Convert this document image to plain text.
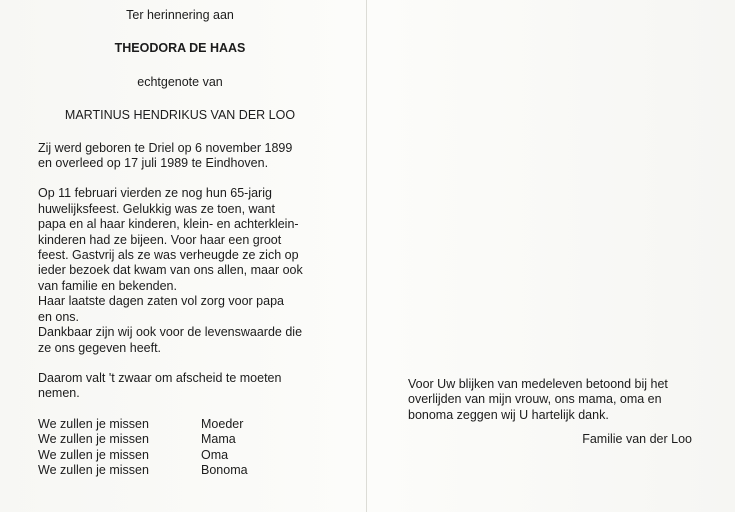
Ter herinnering aan

THEODORA DE HAAS

echtgenote van

MARTINUS HENDRIKUS VAN DER LOO

Zij werd geboren te Driel op 6 november 1899
en overleed op 17 juli 1989 te Eindhoven.
Op 11 februari vierden ze nog hun 65-jarig
huwelijksfeest. Gelukkig was ze toen, want
papa en al haar kinderen, klein- en achterklein-
kinderen had ze bijeen. Voor haar een groot
feest. Gastvrij als ze was verheugde ze zich op
ieder bezoek dat kwam van ons allen, maar ook
van familie en bekenden.
Haar laatste dagen zaten vol zorg voor papa
en ons.
Dankbaar zijn wij ook voor de levenswaarde die
ze ons gegeven heeft.
Daarom valt 't zwaar om afscheid te moeten
nemen.
We zullen je missen	Moeder
We zullen je missen	Mama
We zullen je missen	Oma
We zullen je missen	Bonoma
Voor Uw blijken van medeleven betoond bij het
overlijden van mijn vrouw, ons mama, oma en
bonoma zeggen wij U hartelijk dank.
Familie van der Loo
